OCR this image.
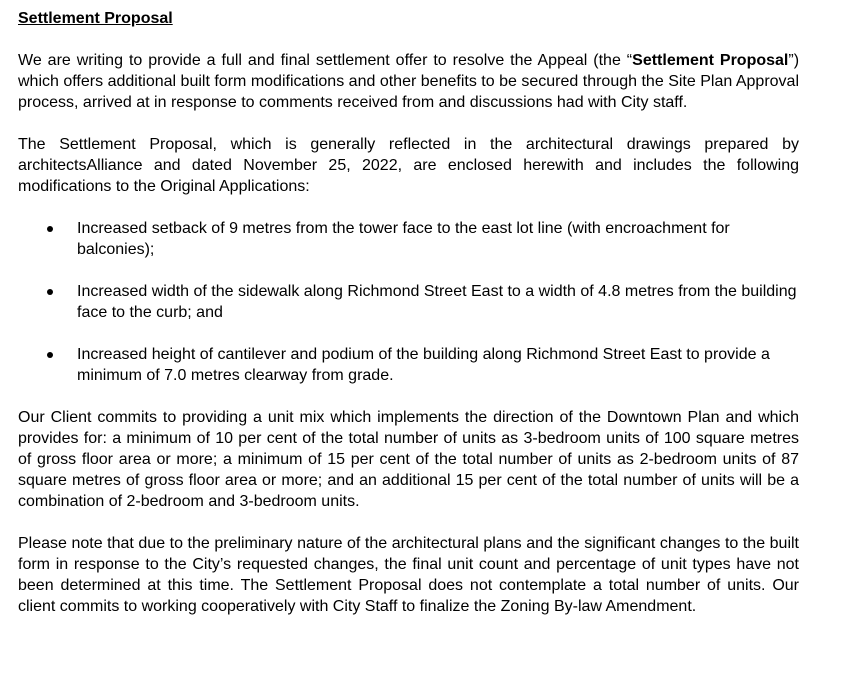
Settlement Proposal

We are writing to provide a full and final settlement offer to resolve the Appeal (the “Settlement Proposal”) which offers additional built form modifications and other benefits to be secured through the Site Plan Approval process, arrived at in response to comments received from and discussions had with City staff.

The Settlement Proposal, which is generally reflected in the architectural drawings prepared by architectsAlliance and dated November 25, 2022, are enclosed herewith and includes the following modifications to the Original Applications:

Increased setback of 9 metres from the tower face to the east lot line (with encroachment for balconies);
Increased width of the sidewalk along Richmond Street East to a width of 4.8 metres from the building face to the curb; and
Increased height of cantilever and podium of the building along Richmond Street East to provide a minimum of 7.0 metres clearway from grade.

Our Client commits to providing a unit mix which implements the direction of the Downtown Plan and which provides for: a minimum of 10 per cent of the total number of units as 3-bedroom units of 100 square metres of gross floor area or more; a minimum of 15 per cent of the total number of units as 2-bedroom units of 87 square metres of gross floor area or more; and an additional 15 per cent of the total number of units will be a combination of 2-bedroom and 3-bedroom units.

Please note that due to the preliminary nature of the architectural plans and the significant changes to the built form in response to the City’s requested changes, the final unit count and percentage of unit types have not been determined at this time. The Settlement Proposal does not contemplate a total number of units. Our client commits to working cooperatively with City Staff to finalize the Zoning By-law Amendment.
